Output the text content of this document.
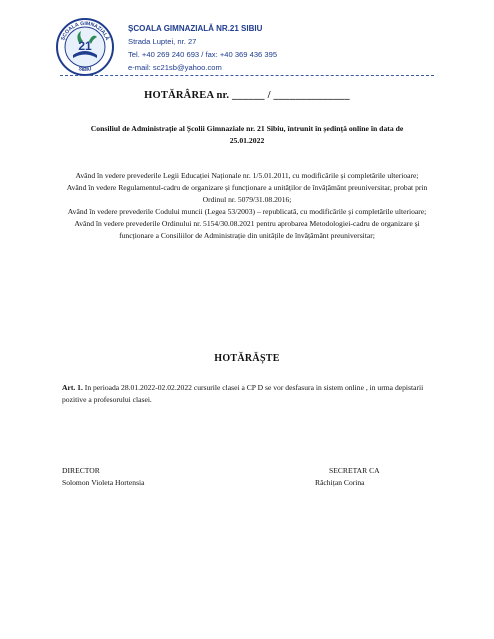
21
ȘCOALA GIMNAZIALĂ
SIBIU
ȘCOALA GIMNAZIALĂ NR.21 SIBIU
Strada Luptei, nr. 27
Tel. +40 269 240 693 / fax: +40 369 436 395
e-mail: sc21sb@yahoo.com
HOTĂRÂREA nr. ______ / ______________
Consiliul de Administrație al Școlii Gimnaziale nr. 21 Sibiu, întrunit în ședință online în data de 25.01.2022
Având în vedere prevederile Legii Educației Naționale nr. 1/5.01.2011, cu modificările și completările ulterioare;
Având în vedere Regulamentul-cadru de organizare și funcționare a unităților de învățământ preuniversitar, probat prin Ordinul nr. 5079/31.08.2016;
Având în vedere prevederile Codului muncii (Legea 53/2003) – republicată, cu modificările și completările ulterioare;
Având în vedere prevederile Ordinului nr. 5154/30.08.2021 pentru aprobarea Metodologiei-cadru de organizare și funcționare a Consiliilor de Administrație din unitățile de învățământ preuniversitar;
HOTĂRĂȘTE
Art. 1. In perioada 28.01.2022-02.02.2022 cursurile clasei a CP D se vor desfasura in sistem online , in urma depistarii pozitive a profesorului clasei.
DIRECTOR
Solomon Violeta Hortensia
SECRETAR CA
Răchițan Corina
